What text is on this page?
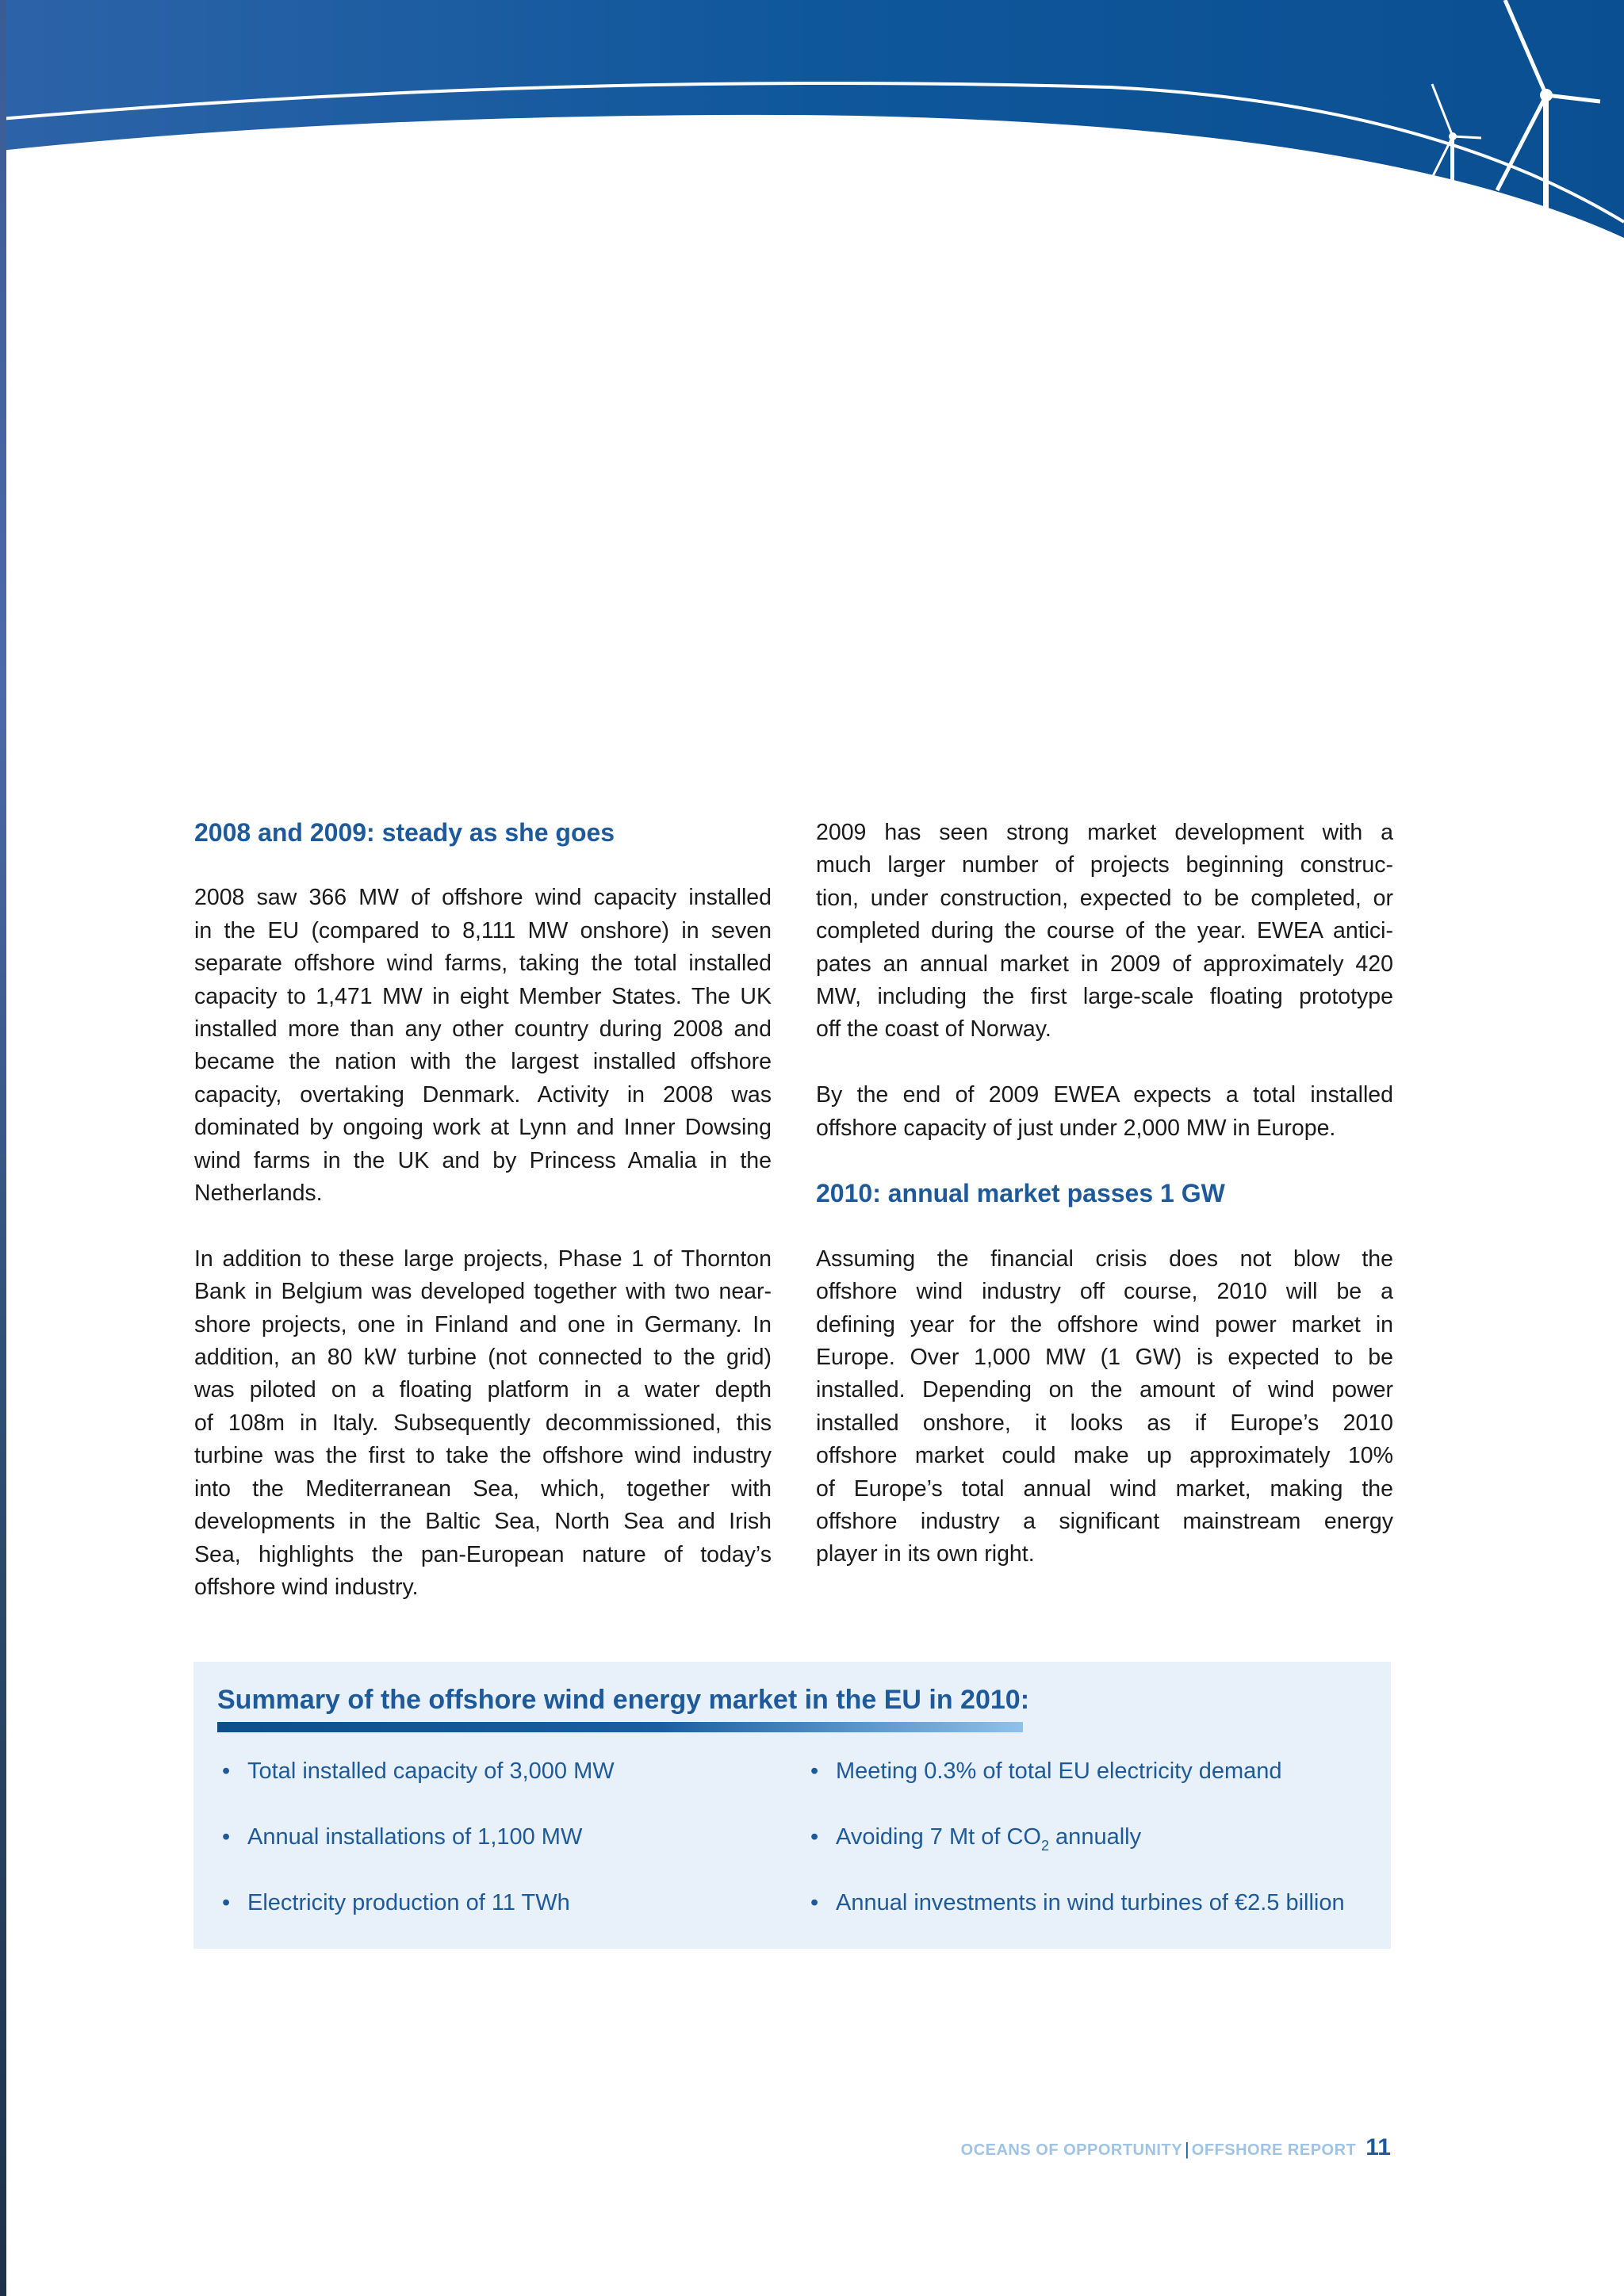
2008 and 2009: steady as she goes
2008 saw 366 MW of offshore wind capacity installed
in the EU (compared to 8,111 MW onshore) in seven
separate offshore wind farms, taking the total installed
capacity to 1,471 MW in eight Member States. The UK
installed more than any other country during 2008 and
became the nation with the largest installed offshore
capacity, overtaking Denmark. Activity in 2008 was
dominated by ongoing work at Lynn and Inner Dowsing
wind farms in the UK and by Princess Amalia in the
Netherlands.
In addition to these large projects, Phase 1 of Thornton
Bank in Belgium was developed together with two near-
shore projects, one in Finland and one in Germany. In
addition, an 80 kW turbine (not connected to the grid)
was piloted on a floating platform in a water depth
of 108m in Italy. Subsequently decommissioned, this
turbine was the first to take the offshore wind industry
into the Mediterranean Sea, which, together with
developments in the Baltic Sea, North Sea and Irish
Sea, highlights the pan-European nature of today’s
offshore wind industry.
2009 has seen strong market development with a
much larger number of projects beginning construc-
tion, under construction, expected to be completed, or
completed during the course of the year. EWEA antici-
pates an annual market in 2009 of approximately 420
MW, including the first large-scale floating prototype
off the coast of Norway.
By the end of 2009 EWEA expects a total installed
offshore capacity of just under 2,000 MW in Europe.
2010: annual market passes 1 GW
Assuming the financial crisis does not blow the
offshore wind industry off course, 2010 will be a
defining year for the offshore wind power market in
Europe. Over 1,000 MW (1 GW) is expected to be
installed. Depending on the amount of wind power
installed onshore, it looks as if Europe’s 2010
offshore market could make up approximately 10%
of Europe’s total annual wind market, making the
offshore industry a significant mainstream energy
player in its own right.
Summary of the offshore wind energy market in the EU in 2010:
• Total installed capacity of 3,000 MW
• Annual installations of 1,100 MW
• Electricity production of 11 TWh
• Meeting 0.3% of total EU electricity demand
• Avoiding 7 Mt of $CO_2$ annually
• Annual investments in wind turbines of €2.5 billion
OCEANS OF OPPORTUNITY | OFFSHORE REPORT 11
